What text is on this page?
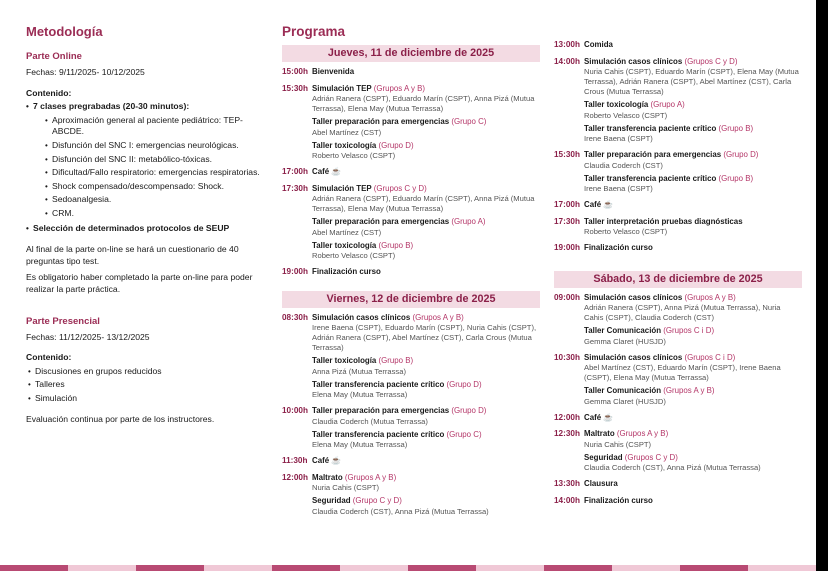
Metodología
Parte Online

Fechas: 9/11/2025- 10/12/2025

Contenido:

• 7 clases pregrabadas (20-30 minutos):
• Aproximación general al paciente pediátrico: TEP-ABCDE.
• Disfunción del SNC I: emergencias neurológicas.
• Disfunción del SNC II: metabólico-tóxicas.
• Dificultad/Fallo respiratorio: emergencias respiratorias.
• Shock compensado/descompensado: Shock.
• Sedoanalgesia.
• CRM.
• Selección de determinados protocolos de SEUP

Al final de la parte on-line se hará un cuestionario de 40 preguntas tipo test.

Es obligatorio haber completado la parte on-line para poder realizar la parte práctica.

Parte Presencial

Fechas: 11/12/2025- 13/12/2025

Contenido:

• Discusiones en grupos reducidos
• Talleres
• Simulación

Evaluación continua por parte de los instructores.

Programa
Jueves, 11 de diciembre de 2025
15:00h Bienvenida
15:30h Simulación TEP (Grupos A y B)
Adrián Ranera (CSPT), Eduardo Marín (CSPT), Anna Pizá (Mutua Terrassa), Elena May (Mutua Terrassa)
Taller preparación para emergencias (Grupo C)
Abel Martínez (CST)
Taller toxicología (Grupo D)
Roberto Velasco (CSPT)
17:00h Café ☕
17:30h Simulación TEP (Grupos C y D)
Adrián Ranera (CSPT), Eduardo Marín (CSPT), Anna Pizá (Mutua Terrassa), Elena May (Mutua Terrassa)
Taller preparación para emergencias (Grupo A)
Abel Martínez (CST)
Taller toxicología (Grupo B)
Roberto Velasco (CSPT)
19:00h Finalización curso
Viernes, 12 de diciembre de 2025
08:30h Simulación casos clínicos (Grupos A y B)
Irene Baena (CSPT), Eduardo Marín (CSPT), Nuria Cahis (CSPT), Adrián Ranera (CSPT), Abel Martínez (CST), Carla Crous (Mutua Terrassa)
Taller toxicología (Grupo B)
Anna Pizá (Mutua Terrassa)
Taller transferencia paciente crítico (Grupo D)
Elena May (Mutua Terrassa)
10:00h Taller preparación para emergencias (Grupo D)
Claudia Coderch (Mutua Terrassa)
Taller transferencia paciente crítico (Grupo C)
Elena May (Mutua Terrassa)
11:30h Café ☕
12:00h Maltrato (Grupos A y B)
Nuria Cahis (CSPT)
Seguridad (Grupo C y D)
Claudia Coderch (CST), Anna Pizá (Mutua Terrassa)
13:00h Comida
14:00h Simulación casos clínicos (Grupos C y D)
Nuria Cahis (CSPT), Eduardo Marín (CSPT), Elena May (Mutua Terrassa), Adrián Ranera (CSPT), Abel Martínez (CST), Carla Crous (Mutua Terrassa)
Taller toxicología (Grupo A)
Roberto Velasco (CSPT)
Taller transferencia paciente crítico (Grupo B)
Irene Baena (CSPT)
15:30h Taller preparación para emergencias (Grupo D)
Claudia Coderch (CST)
Taller transferencia paciente crítico (Grupo B)
Irene Baena (CSPT)
17:00h Café ☕
17:30h Taller interpretación pruebas diagnósticas
Roberto Velasco (CSPT)
19:00h Finalización curso
Sábado, 13 de diciembre de 2025
09:00h Simulación casos clínicos (Grupos A y B)
Adrián Ranera (CSPT), Anna Pizá (Mutua Terrassa), Nuria Cahis (CSPT), Claudia Coderch (CST)
Taller Comunicación (Grupos C i D)
Gemma Claret (HUSJD)
10:30h Simulación casos clínicos (Grupos C i D)
Abel Martínez (CST), Eduardo Marín (CSPT), Irene Baena (CSPT), Elena May (Mutua Terrassa)
Taller Comunicación (Grupos A y B)
Gemma Claret (HUSJD)
12:00h Café ☕
12:30h Maltrato (Grupos A y B)
Nuria Cahis (CSPT)
Seguridad (Grupos C y D)
Claudia Coderch (CST), Anna Pizá (Mutua Terrassa)
13:30h Clausura
14:00h Finalización curso
